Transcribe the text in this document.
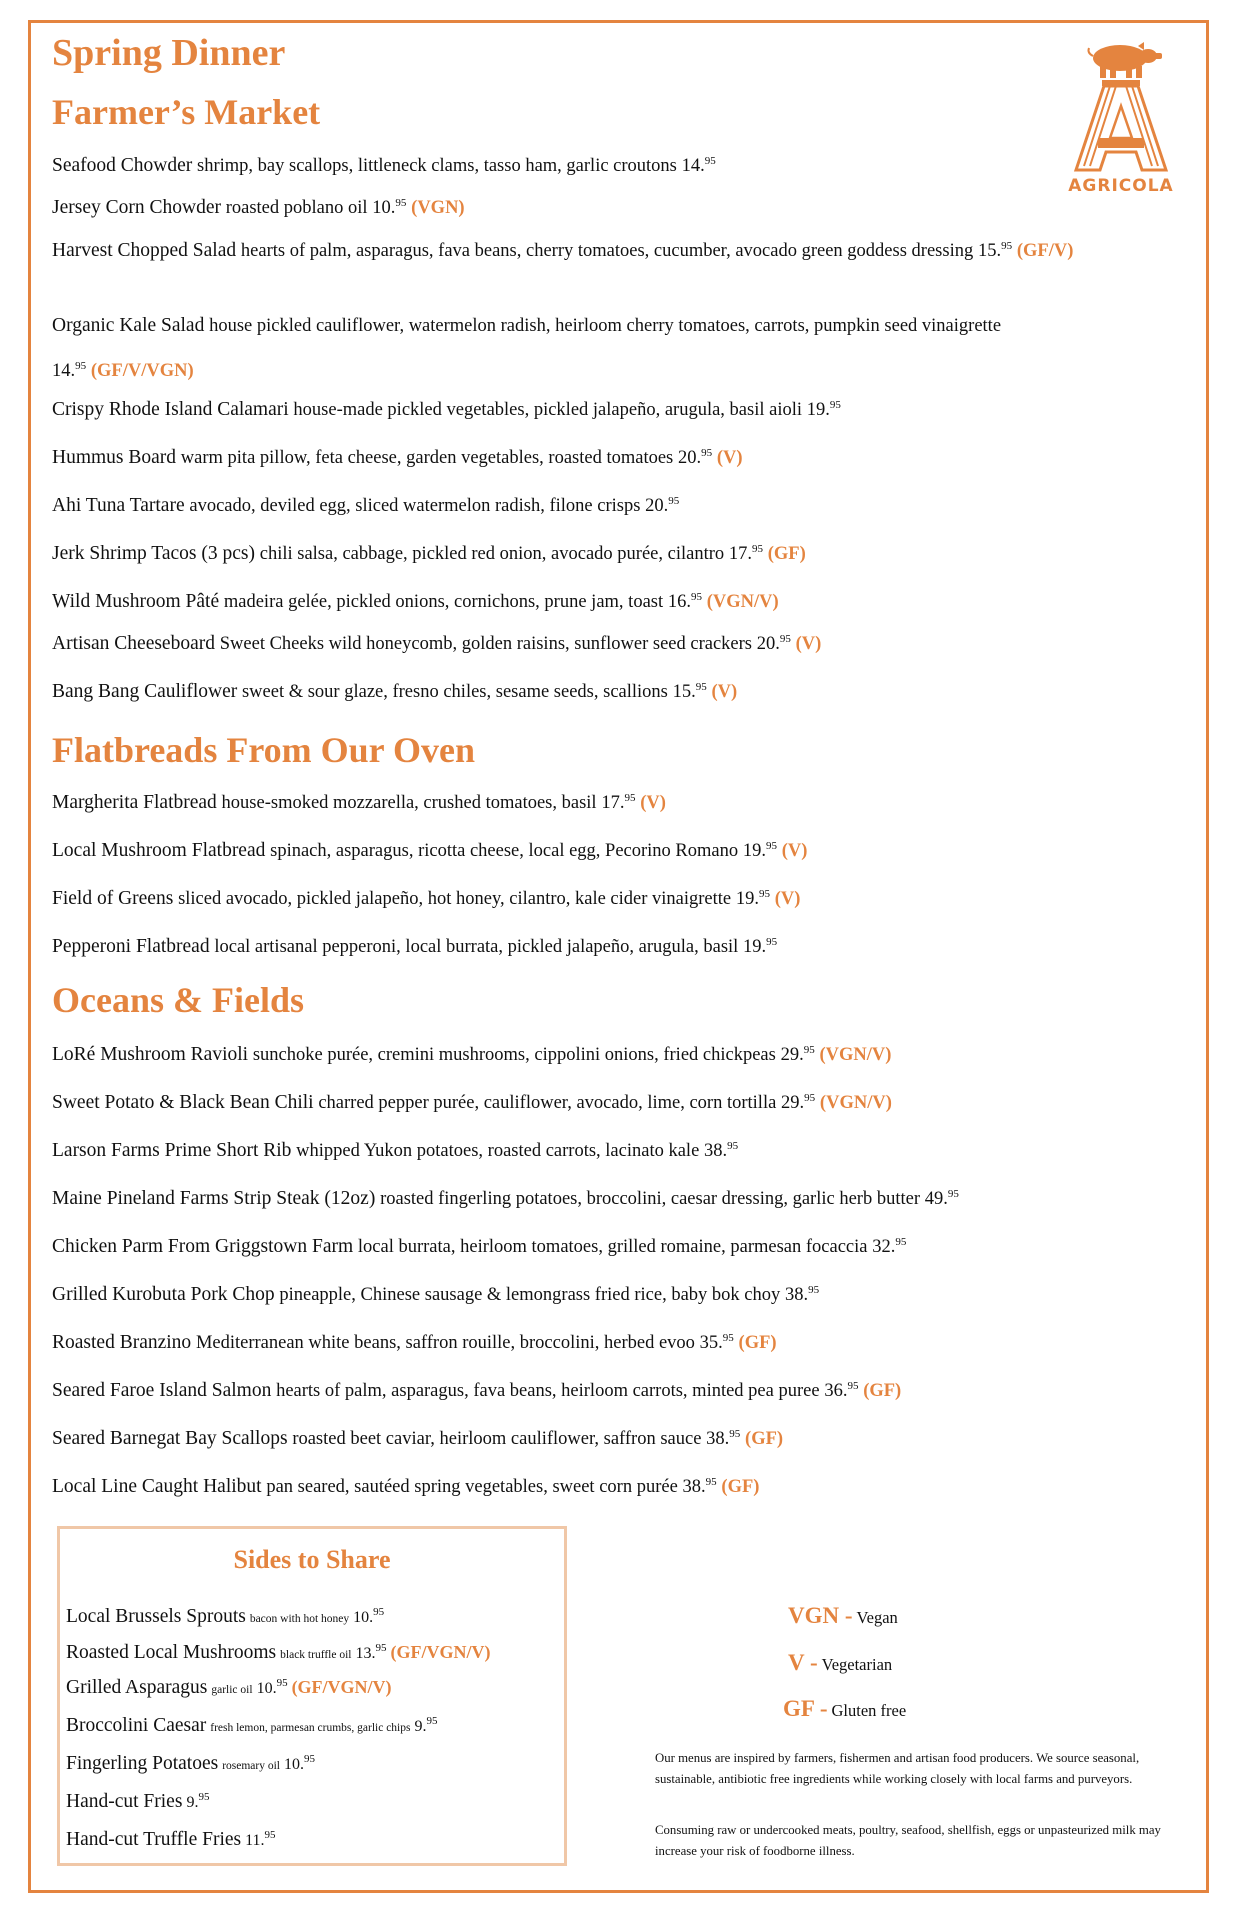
AGRICOLA
Spring Dinner
Farmer’s Market

Seafood Chowder shrimp, bay scallops, littleneck clams, tasso ham, garlic croutons 14.95

Jersey Corn Chowder roasted poblano oil 10.95 (VGN)

Harvest Chopped Salad hearts of palm, asparagus, fava beans, cherry tomatoes, cucumber, avocado green goddess dressing 15.95 (GF/V)

Organic Kale Salad house pickled cauliflower, watermelon radish, heirloom cherry tomatoes, carrots, pumpkin seed vinaigrette 14.95 (GF/V/VGN)

Crispy Rhode Island Calamari house-made pickled vegetables, pickled jalapeño, arugula, basil aioli 19.95

Hummus Board warm pita pillow, feta cheese, garden vegetables, roasted tomatoes 20.95 (V)

Ahi Tuna Tartare avocado, deviled egg, sliced watermelon radish, filone crisps 20.95

Jerk Shrimp Tacos (3 pcs) chili salsa, cabbage, pickled red onion, avocado purée, cilantro 17.95 (GF)

Wild Mushroom Pâté madeira gelée, pickled onions, cornichons, prune jam, toast 16.95 (VGN/V)

Artisan Cheeseboard Sweet Cheeks wild honeycomb, golden raisins, sunflower seed crackers 20.95 (V)

Bang Bang Cauliflower sweet & sour glaze, fresno chiles, sesame seeds, scallions 15.95 (V)

Flatbreads From Our Oven

Margherita Flatbread house-smoked mozzarella, crushed tomatoes, basil 17.95 (V)

Local Mushroom Flatbread spinach, asparagus, ricotta cheese, local egg, Pecorino Romano 19.95 (V)

Field of Greens sliced avocado, pickled jalapeño, hot honey, cilantro, kale cider vinaigrette 19.95 (V)

Pepperoni Flatbread local artisanal pepperoni, local burrata, pickled jalapeño, arugula, basil 19.95

Oceans & Fields

LoRé Mushroom Ravioli sunchoke purée, cremini mushrooms, cippolini onions, fried chickpeas 29.95 (VGN/V)

Sweet Potato & Black Bean Chili charred pepper purée, cauliflower, avocado, lime, corn tortilla 29.95 (VGN/V)

Larson Farms Prime Short Rib whipped Yukon potatoes, roasted carrots, lacinato kale 38.95

Maine Pineland Farms Strip Steak (12oz) roasted fingerling potatoes, broccolini, caesar dressing, garlic herb butter 49.95

Chicken Parm From Griggstown Farm local burrata, heirloom tomatoes, grilled romaine, parmesan focaccia 32.95

Grilled Kurobuta Pork Chop pineapple, Chinese sausage & lemongrass fried rice, baby bok choy 38.95

Roasted Branzino Mediterranean white beans, saffron rouille, broccolini, herbed evoo 35.95 (GF)

Seared Faroe Island Salmon hearts of palm, asparagus, fava beans, heirloom carrots, minted pea puree 36.95 (GF)

Seared Barnegat Bay Scallops roasted beet caviar, heirloom cauliflower, saffron sauce 38.95 (GF)

Local Line Caught Halibut pan seared, sautéed spring vegetables, sweet corn purée 38.95 (GF)

Sides to Share

Local Brussels Sprouts bacon with hot honey 10.95

Roasted Local Mushrooms black truffle oil 13.95 (GF/VGN/V)

Grilled Asparagus garlic oil 10.95 (GF/VGN/V)

Broccolini Caesar fresh lemon, parmesan crumbs, garlic chips 9.95

Fingerling Potatoes rosemary oil 10.95

Hand-cut Fries 9.95

Hand-cut Truffle Fries 11.95

VGN - Vegan
V - Vegetarian
GF - Gluten free

Our menus are inspired by farmers, fishermen and artisan food producers. We source seasonal, sustainable, antibiotic free ingredients while working closely with local farms and purveyors.

Consuming raw or undercooked meats, poultry, seafood, shellfish, eggs or unpasteurized milk may increase your risk of foodborne illness.
